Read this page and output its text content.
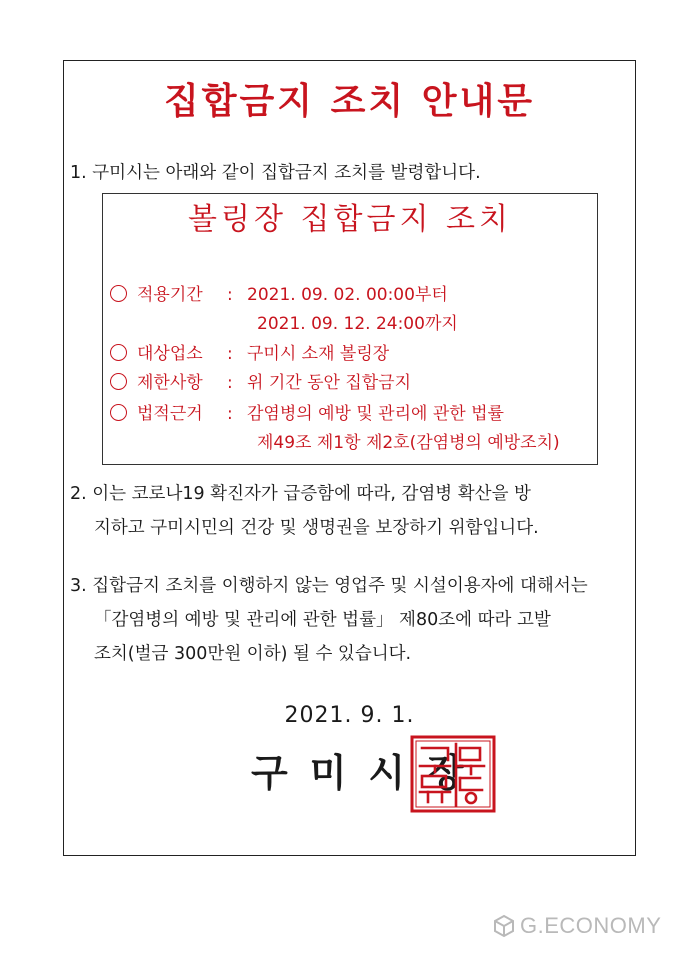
집합금지 조치 안내문
1. 구미시는 아래와 같이 집합금지 조치를 발령합니다.
볼링장 집합금지 조치
적용기간 : 2021. 09. 02. 00:00부터
2021. 09. 12. 24:00까지
대상업소 : 구미시 소재 볼링장
제한사항 : 위 기간 동안 집합금지
법적근거 : 감염병의 예방 및 관리에 관한 법률
제49조 제1항 제2호(감염병의 예방조치)
2. 이는 코로나19 확진자가 급증함에 따라, 감염병 확산을 방
지하고 구미시민의 건강 및 생명권을 보장하기 위함입니다.
3. 집합금지 조치를 이행하지 않는 영업주 및 시설이용자에 대해서는
「감염병의 예방 및 관리에 관한 법률」 제80조에 따라 고발
조치(벌금 300만원 이하) 될 수 있습니다.
2021. 9. 1.
구미시장
G.ECONOMY
